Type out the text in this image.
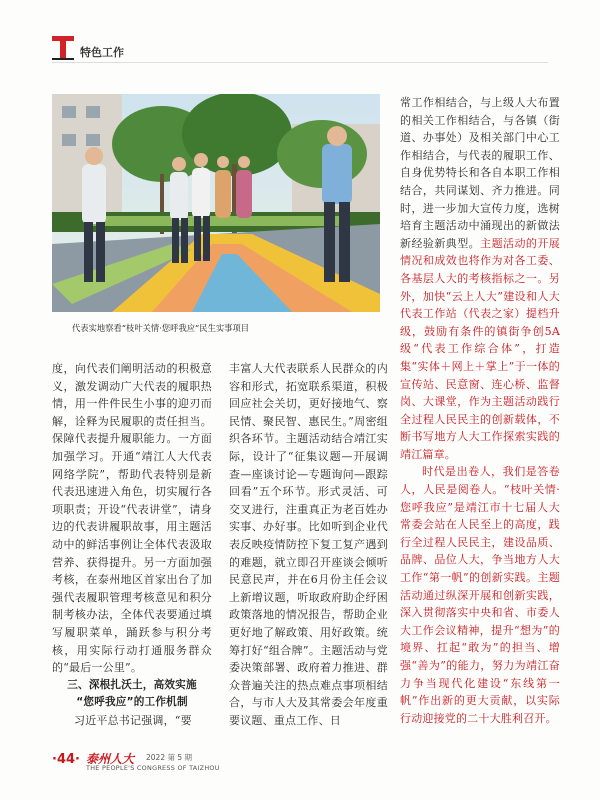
特色工作
代表实地察看“枝叶关情·您呼我应”民生实事项目

度，向代表们阐明活动的积极意义，激发调动广大代表的履职热情，用一件件民生小事的迎刃而解，诠释为民履职的责任担当。保障代表提升履职能力。一方面加强学习。开通“靖江人大代表网络学院”，帮助代表特别是新代表迅速进入角色，切实履行各项职责；开设“代表讲堂”，请身边的代表讲履职故事，用主题活动中的鲜活事例让全体代表汲取营养、获得提升。另一方面加强考核，在泰州地区首家出台了加强代表履职管理考核意见和积分制考核办法，全体代表要通过填写履职菜单，踊跃参与积分考核，用实际行动打通服务群众的“最后一公里”。

三、深根扎沃土，高效实施
“您呼我应”的工作机制

习近平总书记强调，“要

丰富人大代表联系人民群众的内容和形式，拓宽联系渠道，积极回应社会关切，更好接地气、察民情、聚民智、惠民生。”周密组织各环节。主题活动结合靖江实际，设计了“征集议题—开展调查—座谈讨论—专题询问—跟踪回看”五个环节。形式灵活、可交叉进行，注重真正为老百姓办实事、办好事。比如听到企业代表反映疫情防控下复工复产遇到的难题，就立即召开座谈会倾听民意民声，并在6月份主任会议上新增议题，听取政府助企纾困政策落地的情况报告，帮助企业更好地了解政策、用好政策。统筹打好“组合牌”。主题活动与党委决策部署、政府着力推进、群众普遍关注的热点难点事项相结合，与市人大及其常委会年度重要议题、重点工作、日

常工作相结合，与上级人大布置的相关工作相结合，与各镇（街道、办事处）及相关部门中心工作相结合，与代表的履职工作、自身优势特长和各自本职工作相结合，共同谋划、齐力推进。同时，进一步加大宣传力度，选树培育主题活动中涌现出的新做法新经验新典型。主题活动的开展情况和成效也将作为对各工委、各基层人大的考核指标之一。另外，加快“云上人大”建设和人大代表工作站（代表之家）提档升级，鼓励有条件的镇街争创5A级“代表工作综合体”，打造集“实体＋网上＋掌上”于一体的宣传站、民意窗、连心桥、监督岗、大课堂，作为主题活动践行全过程人民民主的创新载体，不断书写地方人大工作探索实践的靖江篇章。

时代是出卷人，我们是答卷人，人民是阅卷人。“枝叶关情·您呼我应”是靖江市十七届人大常委会站在人民至上的高度，践行全过程人民民主，建设品质、品牌、品位人大，争当地方人大工作“第一帆”的创新实践。主题活动通过纵深开展和创新实践，深入贯彻落实中央和省、市委人大工作会议精神，提升“想为”的境界、扛起“敢为”的担当、增强“善为”的能力，努力为靖江奋力争当现代化建设“东线第一帆”作出新的更大贡献，以实际行动迎接党的二十大胜利召开。

·44· 泰州人大 2022 第 5 期
THE PEOPLE'S CONGRESS OF TAIZHOU
